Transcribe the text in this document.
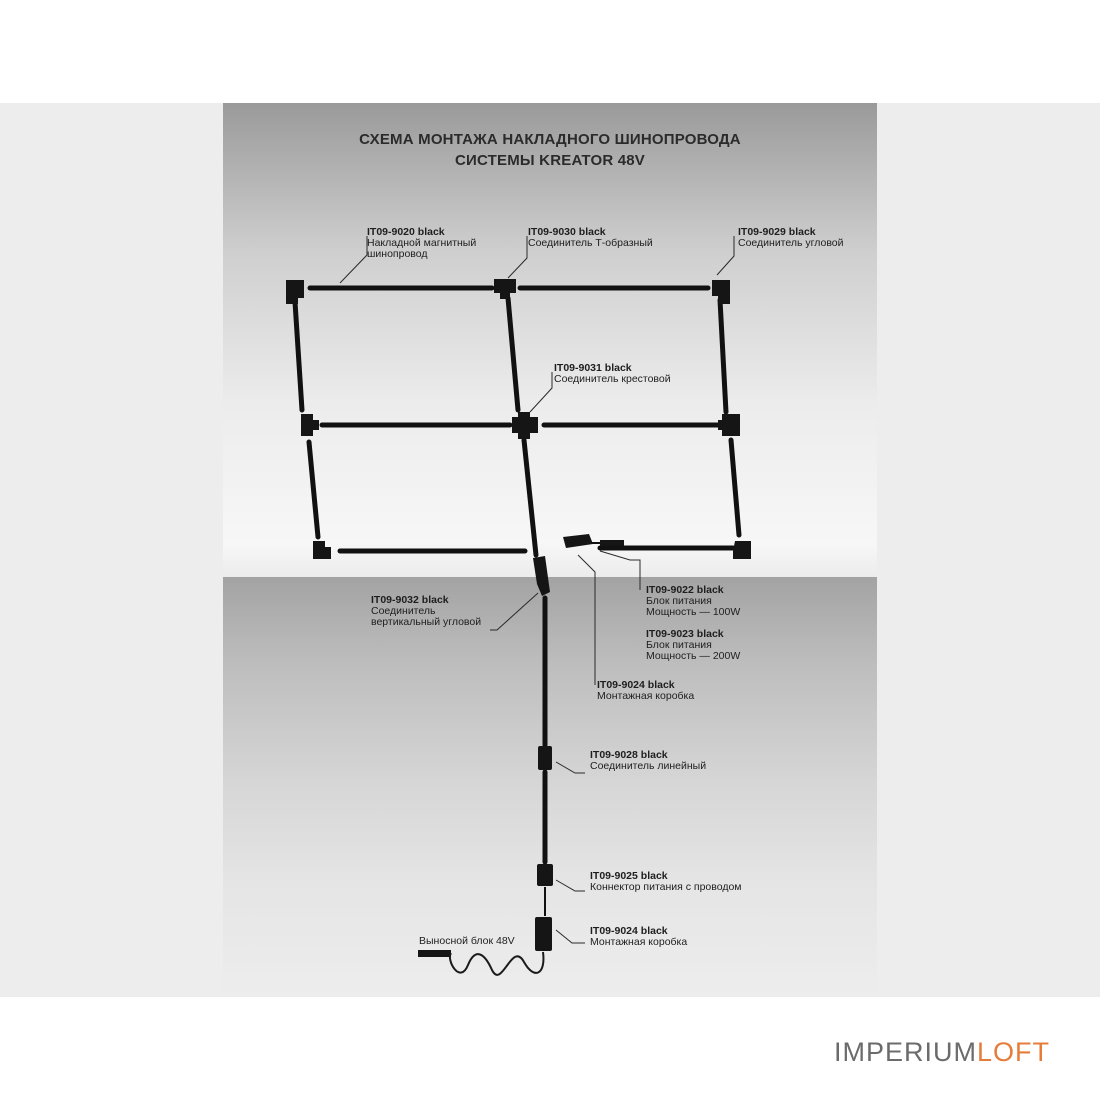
СХЕМА МОНТАЖА НАКЛАДНОГО ШИНОПРОВОДА
СИСТЕМЫ KREATOR 48V
IT09-9020 black
Накладной магнитный
шинопровод
IT09-9030 black
Соединитель Т-образный
IT09-9029 black
Соединитель угловой
IT09-9031 black
Соединитель крестовой
IT09-9032 black
Соединитель
вертикальный угловой
IT09-9022 black
Блок питания
Мощность — 100W
IT09-9023 black
Блок питания
Мощность — 200W
IT09-9024 black
Монтажная коробка
IT09-9028 black
Соединитель линейный
IT09-9025 black
Коннектор питания с проводом
IT09-9024 black
Монтажная коробка
Выносной блок 48V
IMPERIUMLOFT
